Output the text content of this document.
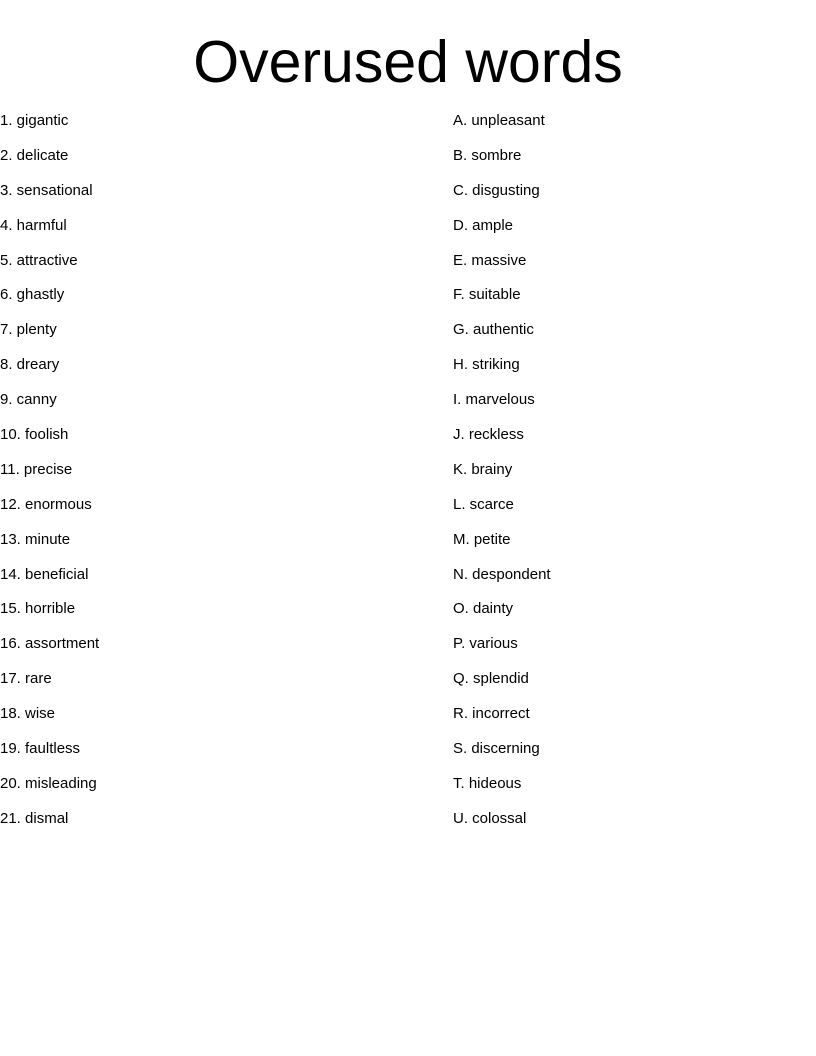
Overused words
1. gigantic
2. delicate
3. sensational
4. harmful
5. attractive
6. ghastly
7. plenty
8. dreary
9. canny
10. foolish
11. precise
12. enormous
13. minute
14. beneficial
15. horrible
16. assortment
17. rare
18. wise
19. faultless
20. misleading
21. dismal
A. unpleasant
B. sombre
C. disgusting
D. ample
E. massive
F. suitable
G. authentic
H. striking
I. marvelous
J. reckless
K. brainy
L. scarce
M. petite
N. despondent
O. dainty
P. various
Q. splendid
R. incorrect
S. discerning
T. hideous
U. colossal
